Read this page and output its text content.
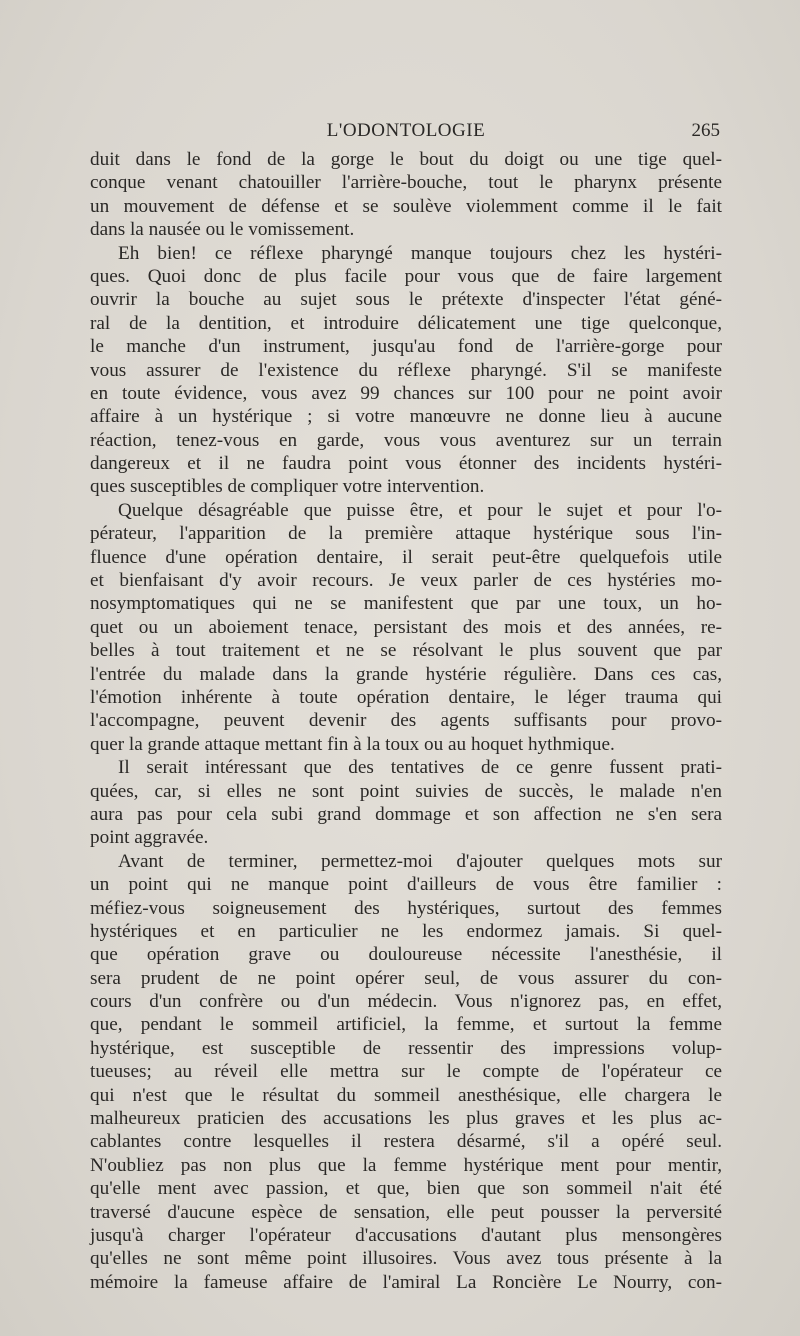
L'ODONTOLOGIE	265
duit dans le fond de la gorge le bout du doigt ou une tige quel-
conque venant chatouiller l'arrière-bouche, tout le pharynx présente
un mouvement de défense et se soulève violemment comme il le fait
dans la nausée ou le vomissement.
Eh bien! ce réflexe pharyngé manque toujours chez les hystéri-
ques. Quoi donc de plus facile pour vous que de faire largement
ouvrir la bouche au sujet sous le prétexte d'inspecter l'état géné-
ral de la dentition, et introduire délicatement une tige quelconque,
le manche d'un instrument, jusqu'au fond de l'arrière-gorge pour
vous assurer de l'existence du réflexe pharyngé. S'il se manifeste
en toute évidence, vous avez 99 chances sur 100 pour ne point avoir
affaire à un hystérique ; si votre manœuvre ne donne lieu à aucune
réaction, tenez-vous en garde, vous vous aventurez sur un terrain
dangereux et il ne faudra point vous étonner des incidents hystéri-
ques susceptibles de compliquer votre intervention.
Quelque désagréable que puisse être, et pour le sujet et pour l'o-
pérateur, l'apparition de la première attaque hystérique sous l'in-
fluence d'une opération dentaire, il serait peut-être quelquefois utile
et bienfaisant d'y avoir recours. Je veux parler de ces hystéries mo-
nosymptomatiques qui ne se manifestent que par une toux, un ho-
quet ou un aboiement tenace, persistant des mois et des années, re-
belles à tout traitement et ne se résolvant le plus souvent que par
l'entrée du malade dans la grande hystérie régulière. Dans ces cas,
l'émotion inhérente à toute opération dentaire, le léger trauma qui
l'accompagne, peuvent devenir des agents suffisants pour provo-
quer la grande attaque mettant fin à la toux ou au hoquet hythmique.
Il serait intéressant que des tentatives de ce genre fussent prati-
quées, car, si elles ne sont point suivies de succès, le malade n'en
aura pas pour cela subi grand dommage et son affection ne s'en sera
point aggravée.
Avant de terminer, permettez-moi d'ajouter quelques mots sur
un point qui ne manque point d'ailleurs de vous être familier :
méfiez-vous soigneusement des hystériques, surtout des femmes
hystériques et en particulier ne les endormez jamais. Si quel-
que opération grave ou douloureuse nécessite l'anesthésie, il
sera prudent de ne point opérer seul, de vous assurer du con-
cours d'un confrère ou d'un médecin. Vous n'ignorez pas, en effet,
que, pendant le sommeil artificiel, la femme, et surtout la femme
hystérique, est susceptible de ressentir des impressions volup-
tueuses; au réveil elle mettra sur le compte de l'opérateur ce
qui n'est que le résultat du sommeil anesthésique, elle chargera le
malheureux praticien des accusations les plus graves et les plus ac-
cablantes contre lesquelles il restera désarmé, s'il a opéré seul.
N'oubliez pas non plus que la femme hystérique ment pour mentir,
qu'elle ment avec passion, et que, bien que son sommeil n'ait été
traversé d'aucune espèce de sensation, elle peut pousser la perversité
jusqu'à charger l'opérateur d'accusations d'autant plus mensongères
qu'elles ne sont même point illusoires. Vous avez tous présente à la
mémoire la fameuse affaire de l'amiral La Roncière Le Nourry, con-
